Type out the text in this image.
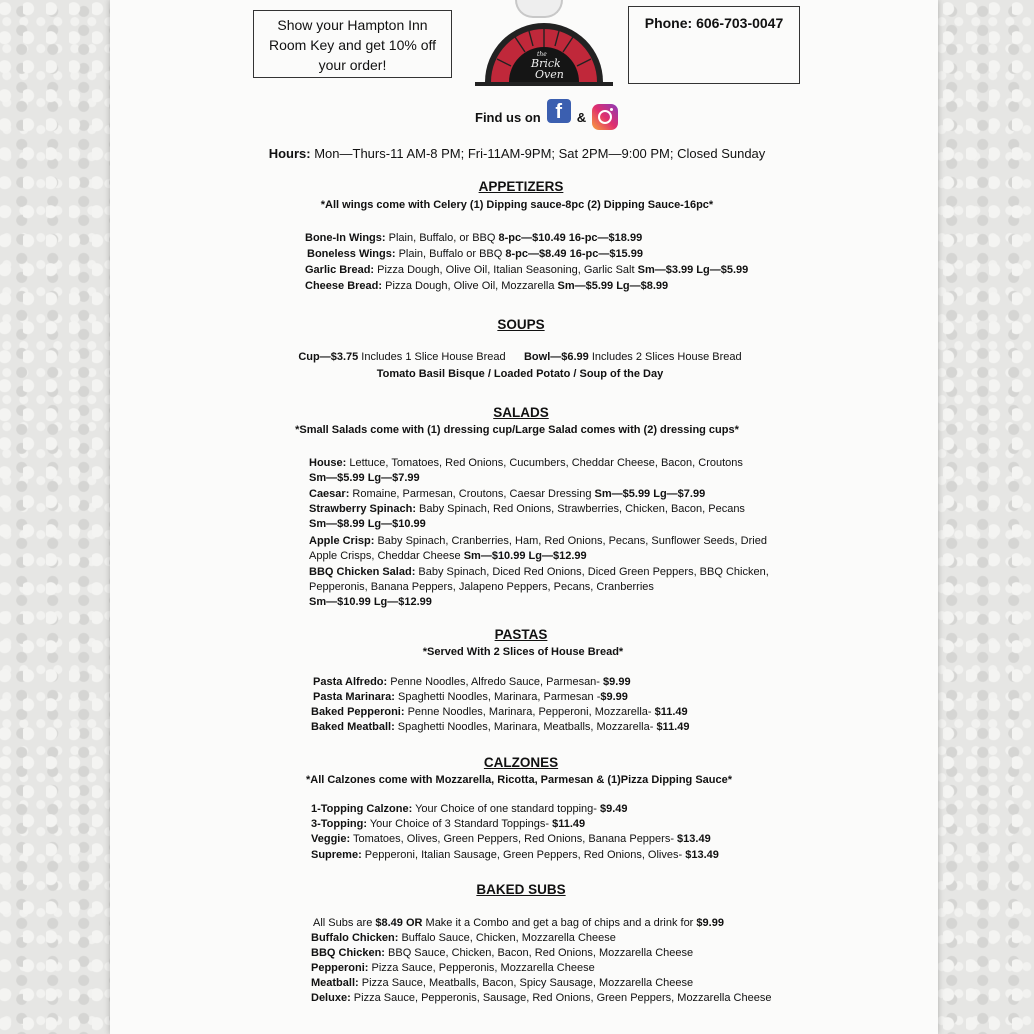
Show your Hampton Inn
Room Key and get 10% off
your order!
the
Brick
Oven
Phone: 606-703-0047
Find us on f	&
Hours: Mon—Thurs-11 AM-8 PM; Fri-11AM-9PM; Sat 2PM—9:00 PM; Closed Sunday
APPETIZERS
*All wings come with Celery (1) Dipping sauce-8pc (2) Dipping Sauce-16pc*
Bone-In Wings: Plain, Buffalo, or BBQ 8-pc—$10.49 16-pc—$18.99
Boneless Wings: Plain, Buffalo or BBQ 8-pc—$8.49 16-pc—$15.99
Garlic Bread: Pizza Dough, Olive Oil, Italian Seasoning, Garlic Salt Sm—$3.99 Lg—$5.99
Cheese Bread: Pizza Dough, Olive Oil, Mozzarella Sm—$5.99 Lg—$8.99
SOUPS
Cup—$3.75 Includes 1 Slice House Bread Bowl—$6.99 Includes 2 Slices House Bread
Tomato Basil Bisque / Loaded Potato / Soup of the Day
SALADS
*Small Salads come with (1) dressing cup/Large Salad comes with (2) dressing cups*
House: Lettuce, Tomatoes, Red Onions, Cucumbers, Cheddar Cheese, Bacon, Croutons
Sm—$5.99 Lg—$7.99
Caesar: Romaine, Parmesan, Croutons, Caesar Dressing Sm—$5.99 Lg—$7.99
Strawberry Spinach: Baby Spinach, Red Onions, Strawberries, Chicken, Bacon, Pecans
Sm—$8.99 Lg—$10.99
Apple Crisp: Baby Spinach, Cranberries, Ham, Red Onions, Pecans, Sunflower Seeds, Dried
Apple Crisps, Cheddar Cheese Sm—$10.99 Lg—$12.99
BBQ Chicken Salad: Baby Spinach, Diced Red Onions, Diced Green Peppers, BBQ Chicken,
Pepperonis, Banana Peppers, Jalapeno Peppers, Pecans, Cranberries
Sm—$10.99 Lg—$12.99
PASTAS
*Served With 2 Slices of House Bread*
Pasta Alfredo: Penne Noodles, Alfredo Sauce, Parmesan- $9.99
Pasta Marinara: Spaghetti Noodles, Marinara, Parmesan -$9.99
Baked Pepperoni: Penne Noodles, Marinara, Pepperoni, Mozzarella- $11.49
Baked Meatball: Spaghetti Noodles, Marinara, Meatballs, Mozzarella- $11.49
CALZONES
*All Calzones come with Mozzarella, Ricotta, Parmesan & (1)Pizza Dipping Sauce*
1-Topping Calzone: Your Choice of one standard topping- $9.49
3-Topping: Your Choice of 3 Standard Toppings- $11.49
Veggie: Tomatoes, Olives, Green Peppers, Red Onions, Banana Peppers- $13.49
Supreme: Pepperoni, Italian Sausage, Green Peppers, Red Onions, Olives- $13.49
BAKED SUBS
All Subs are $8.49 OR Make it a Combo and get a bag of chips and a drink for $9.99
Buffalo Chicken: Buffalo Sauce, Chicken, Mozzarella Cheese
BBQ Chicken: BBQ Sauce, Chicken, Bacon, Red Onions, Mozzarella Cheese
Pepperoni: Pizza Sauce, Pepperonis, Mozzarella Cheese
Meatball: Pizza Sauce, Meatballs, Bacon, Spicy Sausage, Mozzarella Cheese
Deluxe: Pizza Sauce, Pepperonis, Sausage, Red Onions, Green Peppers, Mozzarella Cheese
